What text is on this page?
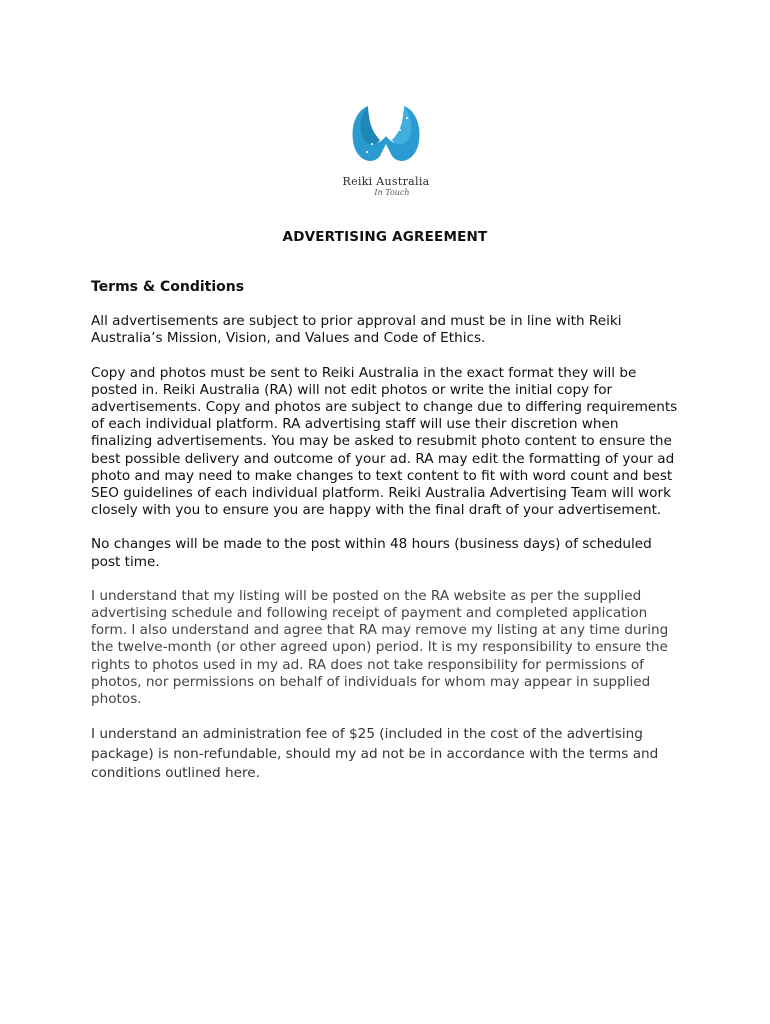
Reiki Australia
In Touch
ADVERTISING AGREEMENT
Terms & Conditions

All advertisements are subject to prior approval and must be in line with Reiki Australia’s Mission, Vision, and Values and Code of Ethics.

Copy and photos must be sent to Reiki Australia in the exact format they will be posted in. Reiki Australia (RA) will not edit photos or write the initial copy for advertisements. Copy and photos are subject to change due to differing requirements of each individual platform. RA advertising staff will use their discretion when finalizing advertisements. You may be asked to resubmit photo content to ensure the best possible delivery and outcome of your ad. RA may edit the formatting of your ad photo and may need to make changes to text content to fit with word count and best SEO guidelines of each individual platform. Reiki Australia Advertising Team will work closely with you to ensure you are happy with the final draft of your advertisement.

No changes will be made to the post within 48 hours (business days) of scheduled post time.

I understand that my listing will be posted on the RA website as per the supplied advertising schedule and following receipt of payment and completed application form. I also understand and agree that RA may remove my listing at any time during the twelve-month (or other agreed upon) period. It is my responsibility to ensure the rights to photos used in my ad. RA does not take responsibility for permissions of photos, nor permissions on behalf of individuals for whom may appear in supplied photos.

I understand an administration fee of $25 (included in the cost of the advertising package) is non-refundable, should my ad not be in accordance with the terms and conditions outlined here.
